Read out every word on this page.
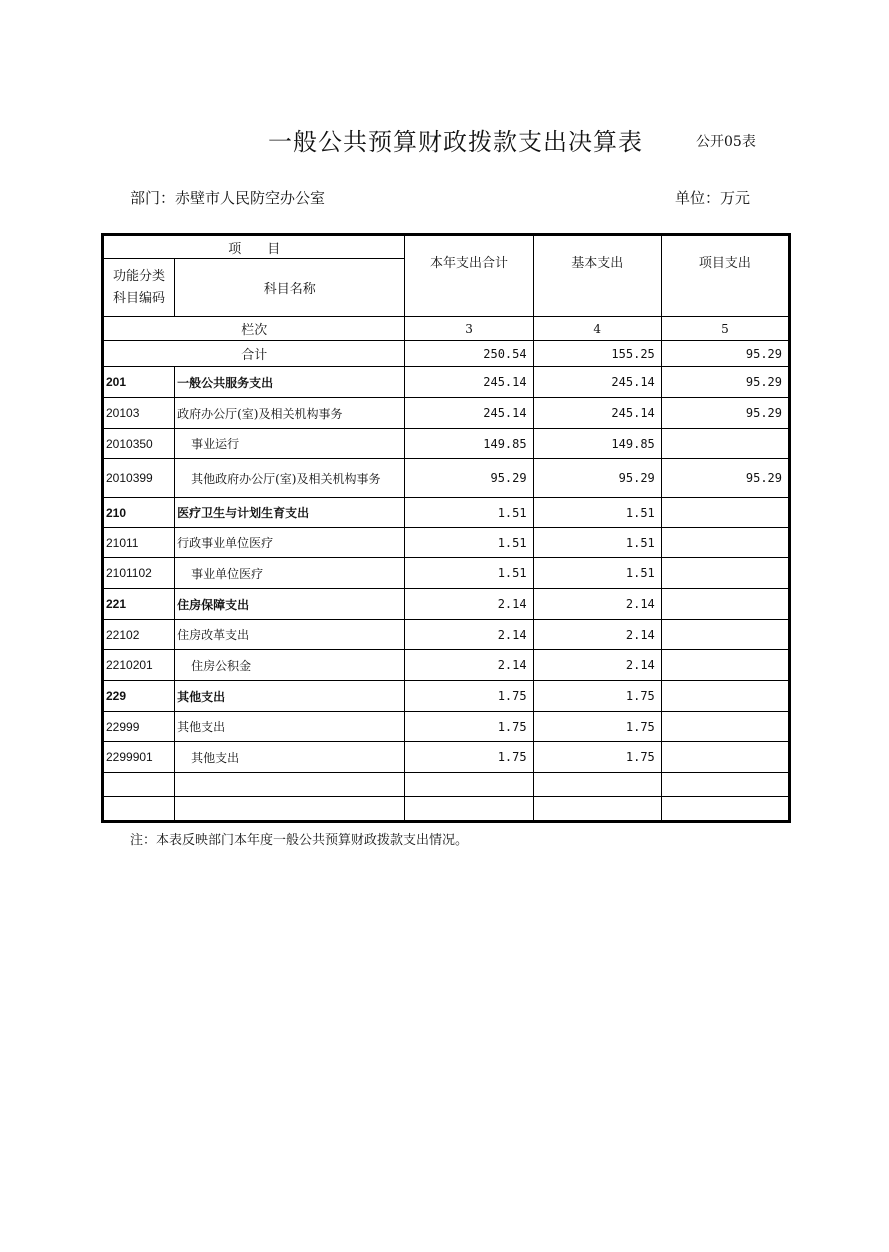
一般公共预算财政拨款支出决算表	公开05表
部门：赤壁市人民防空办公室	单位：万元
项　　目		本年支出合计	基本支出	项目支出
功能分类
科目编码	科目名称			
栏次		3	4	5
合计		250.54	155.25	95.29
201	一般公共服务支出	245.14	245.14	95.29
20103	政府办公厅(室)及相关机构事务	245.14	245.14	95.29
2010350	事业运行	149.85	149.85	
2010399	其他政府办公厅(室)及相关机构事务	95.29	95.29	95.29
210	医疗卫生与计划生育支出	1.51	1.51	
21011	行政事业单位医疗	1.51	1.51	
2101102	事业单位医疗	1.51	1.51	
221	住房保障支出	2.14	2.14	
22102	住房改革支出	2.14	2.14	
2210201	住房公积金	2.14	2.14	
229	其他支出	1.75	1.75	
22999	其他支出	1.75	1.75	
2299901	其他支出	1.75	1.75	

注：本表反映部门本年度一般公共预算财政拨款支出情况。
